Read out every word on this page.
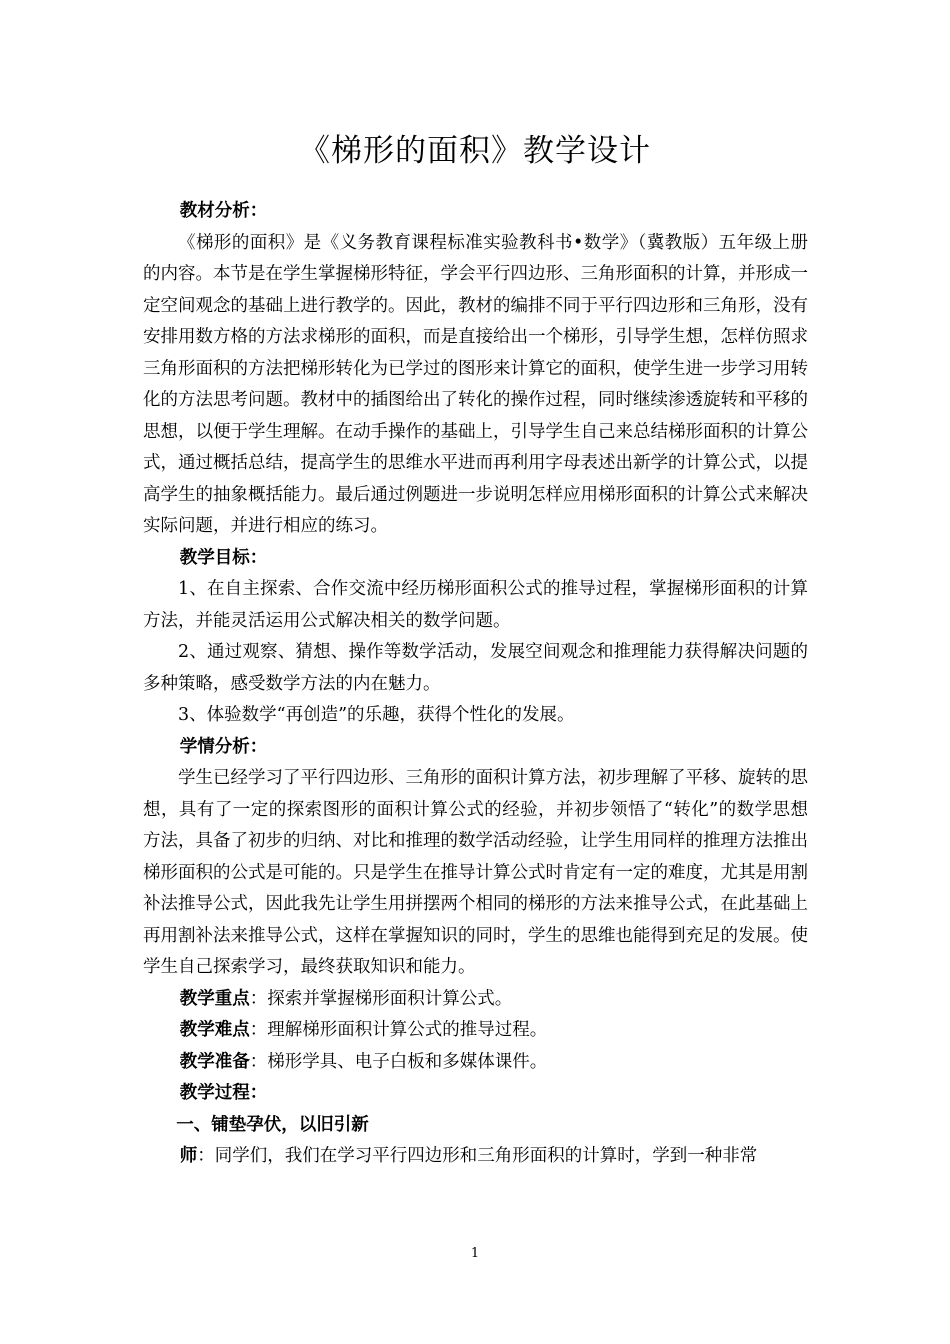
《梯形的面积》教学设计

教材分析：

《梯形的面积》是《义务教育课程标准实验教科书•数学》（冀教版）五年级上册的内容。本节是在学生掌握梯形特征，学会平行四边形、三角形面积的计算，并形成一定空间观念的基础上进行教学的。因此，教材的编排不同于平行四边形和三角形，没有安排用数方格的方法求梯形的面积，而是直接给出一个梯形，引导学生想，怎样仿照求三角形面积的方法把梯形转化为已学过的图形来计算它的面积，使学生进一步学习用转化的方法思考问题。教材中的插图给出了转化的操作过程，同时继续渗透旋转和平移的思想，以便于学生理解。在动手操作的基础上，引导学生自己来总结梯形面积的计算公式，通过概括总结，提高学生的思维水平进而再利用字母表述出新学的计算公式，以提高学生的抽象概括能力。最后通过例题进一步说明怎样应用梯形面积的计算公式来解决实际问题，并进行相应的练习。

教学目标：

1、在自主探索、合作交流中经历梯形面积公式的推导过程，掌握梯形面积的计算方法，并能灵活运用公式解决相关的数学问题。

2、通过观察、猜想、操作等数学活动，发展空间观念和推理能力获得解决问题的多种策略，感受数学方法的内在魅力。

3、体验数学“再创造”的乐趣，获得个性化的发展。

学情分析：

学生已经学习了平行四边形、三角形的面积计算方法，初步理解了平移、旋转的思想，具有了一定的探索图形的面积计算公式的经验，并初步领悟了“转化”的数学思想方法，具备了初步的归纳、对比和推理的数学活动经验，让学生用同样的推理方法推出梯形面积的公式是可能的。只是学生在推导计算公式时肯定有一定的难度，尤其是用割补法推导公式，因此我先让学生用拼摆两个相同的梯形的方法来推导公式，在此基础上再用割补法来推导公式，这样在掌握知识的同时，学生的思维也能得到充足的发展。使学生自己探索学习，最终获取知识和能力。

教学重点：探索并掌握梯形面积计算公式。

教学难点：理解梯形面积计算公式的推导过程。

教学准备：梯形学具、电子白板和多媒体课件。

教学过程：

一、铺垫孕伏，以旧引新

师：同学们，我们在学习平行四边形和三角形面积的计算时，学到一种非常

1
